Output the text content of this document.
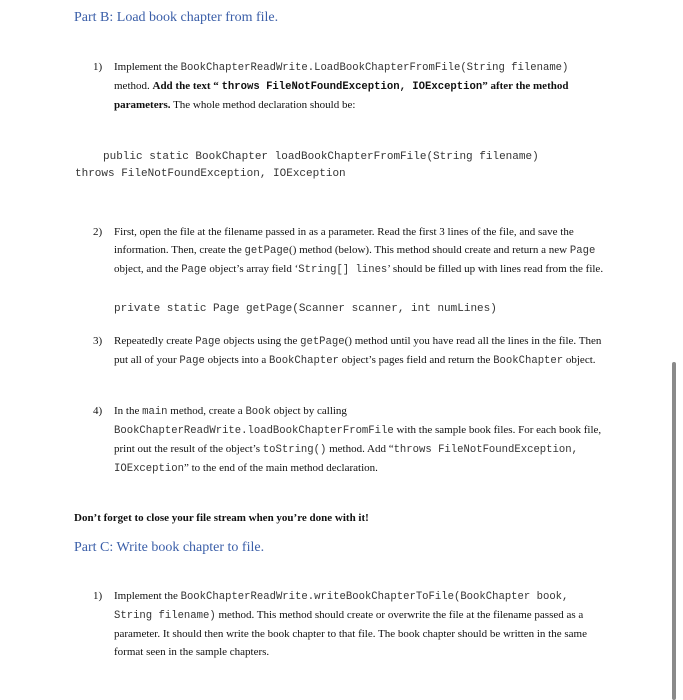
Part B: Load book chapter from file.
1) Implement the BookChapterReadWrite.LoadBookChapterFromFile(String filename) method. Add the text “ throws FileNotFoundException, IOException” after the method parameters. The whole method declaration should be:
public static BookChapter loadBookChapterFromFile(String filename)
throws FileNotFoundException, IOException
2) First, open the file at the filename passed in as a parameter. Read the first 3 lines of the file, and save the information. Then, create the getPage() method (below). This method should create and return a new Page object, and the Page object’s array field ‘String[] lines’ should be filled up with lines read from the file.
private static Page getPage(Scanner scanner, int numLines)
3) Repeatedly create Page objects using the getPage() method until you have read all the lines in the file. Then put all of your Page objects into a BookChapter object’s pages field and return the BookChapter object.
4) In the main method, create a Book object by calling BookChapterReadWrite.loadBookChapterFromFile with the sample book files. For each book file, print out the result of the object’s toString() method. Add “throws FileNotFoundException, IOException” to the end of the main method declaration.
Don’t forget to close your file stream when you’re done with it!
Part C: Write book chapter to file.
1) Implement the BookChapterReadWrite.writeBookChapterToFile(BookChapter book, String filename) method. This method should create or overwrite the file at the filename passed as a parameter. It should then write the book chapter to that file. The book chapter should be written in the same format seen in the sample chapters.
